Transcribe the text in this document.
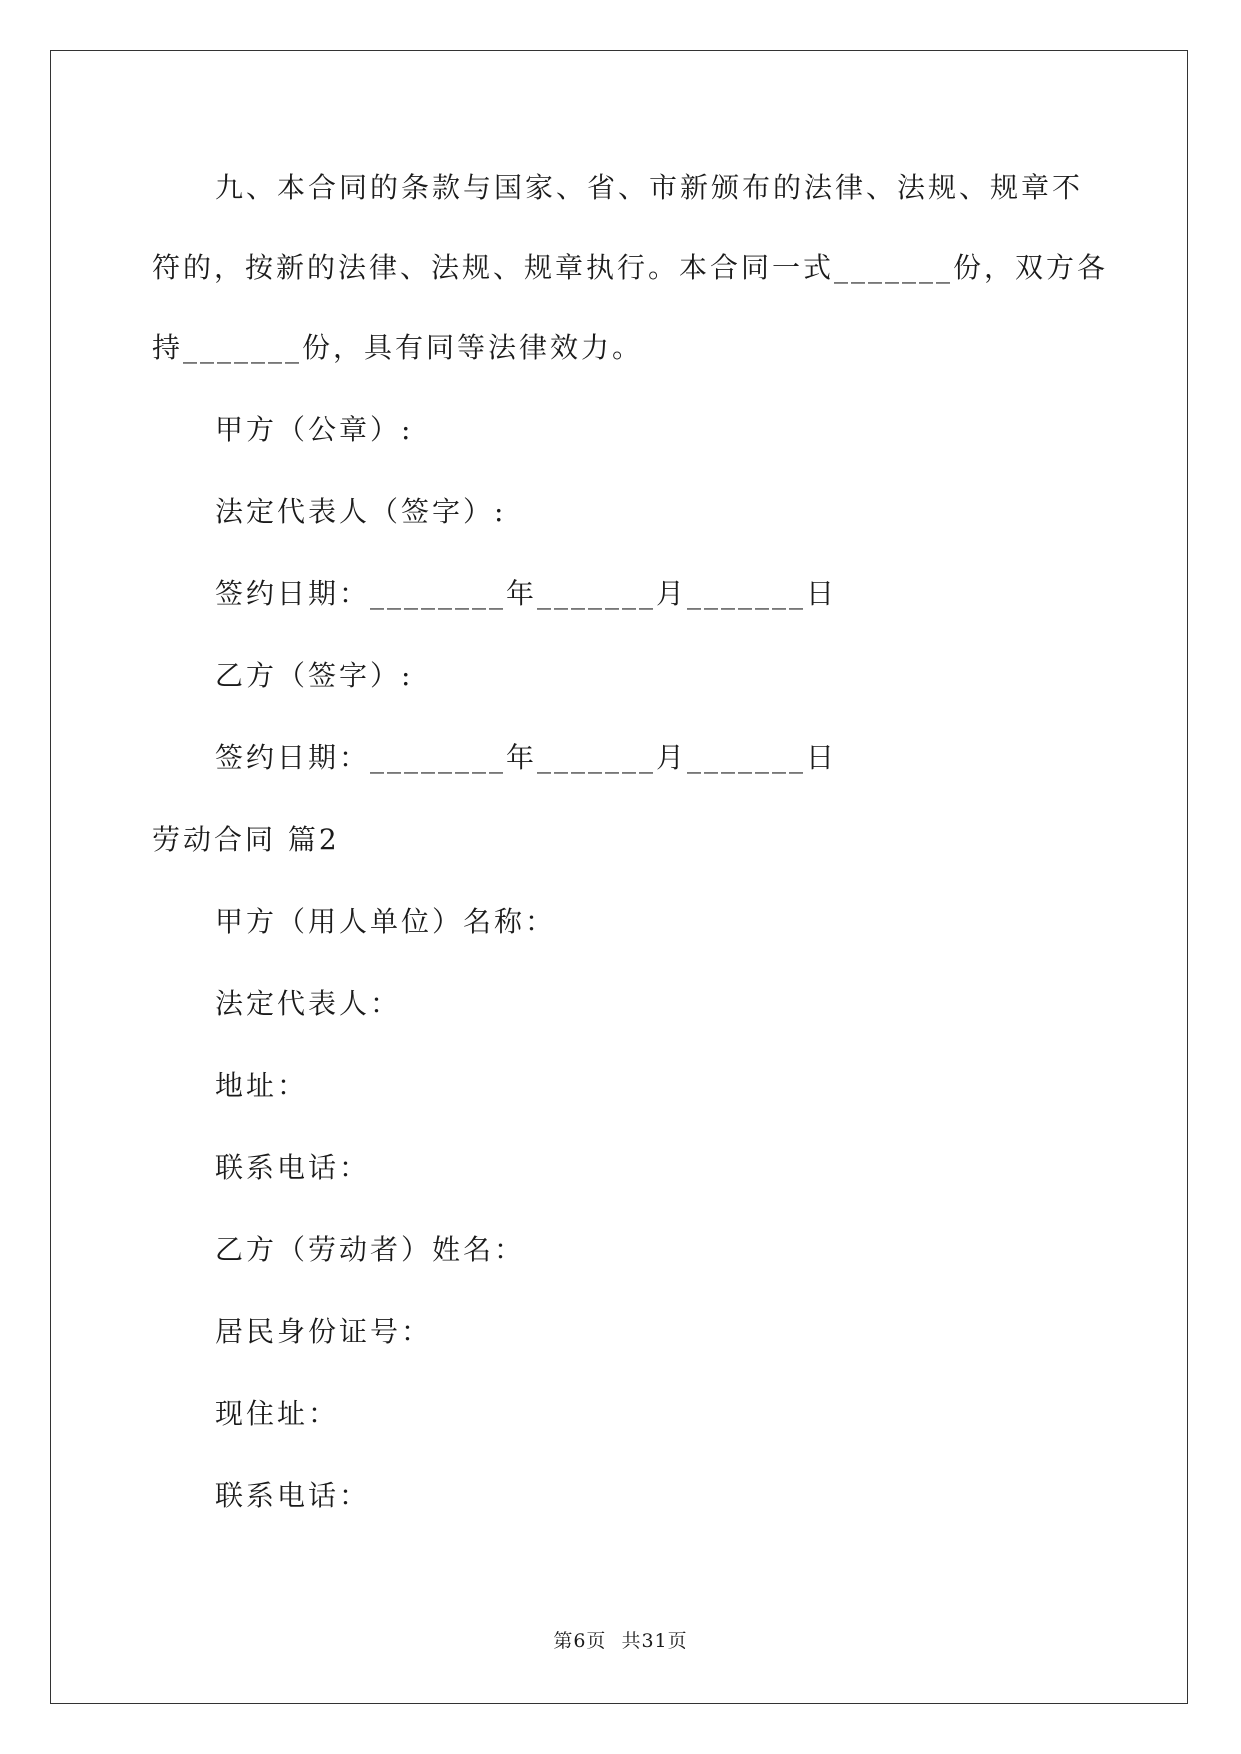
九、本合同的条款与国家、省、市新颁布的法律、法规、规章不
符的，按新的法律、法规、规章执行。本合同一式_______份，双方各
持_______份，具有同等法律效力。
甲方（公章）:
法定代表人（签字）:
签约日期：________年_______月_______日
乙方（签字）:
签约日期：________年_______月_______日
劳动合同 篇2
甲方（用人单位）名称：
法定代表人：
地址：
联系电话：
乙方（劳动者）姓名：
居民身份证号：
现住址：
联系电话：
第6页 共31页
